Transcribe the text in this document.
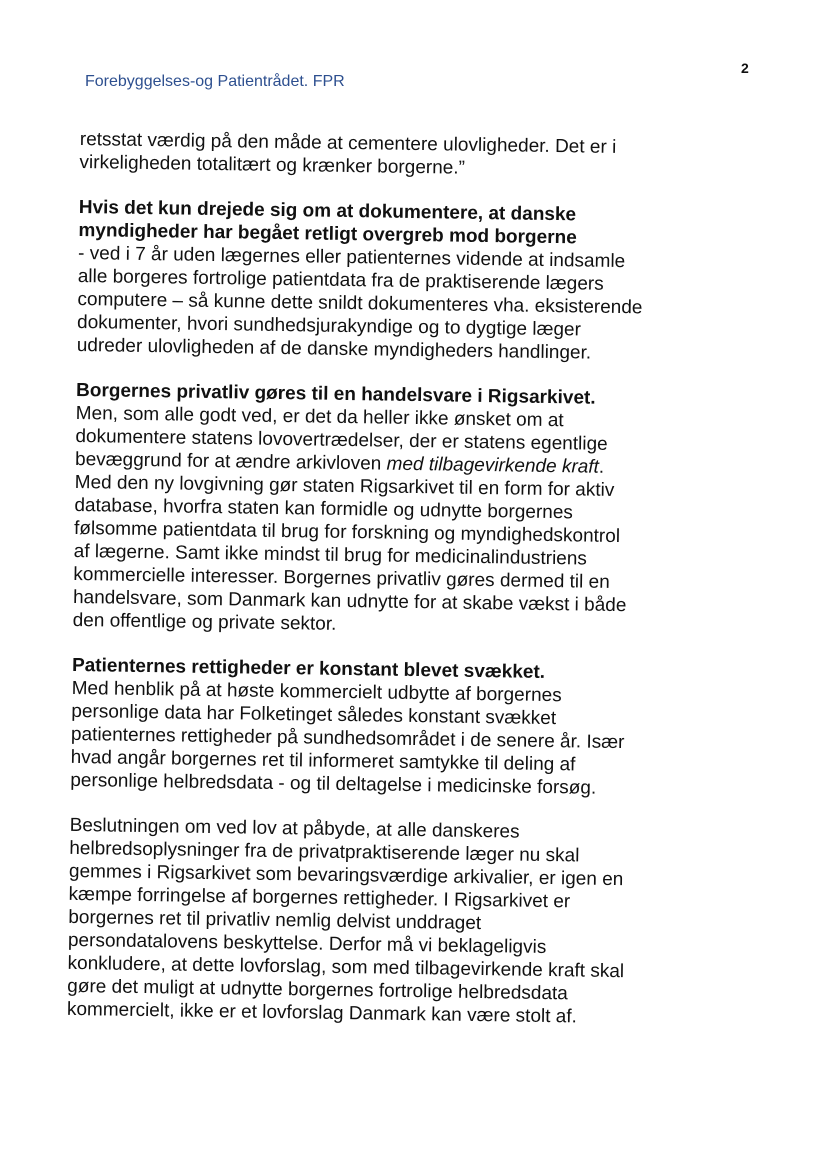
2
Forebyggelses-og Patientrådet. FPR

retsstat værdig på den måde at cementere ulovligheder. Det er i
virkeligheden totalitært og krænker borgerne.”

Hvis det kun drejede sig om at dokumentere, at danske
myndigheder har begået retligt overgreb mod borgerne
- ved i 7 år uden lægernes eller patienternes vidende at indsamle
alle borgeres fortrolige patientdata fra de praktiserende lægers
computere – så kunne dette snildt dokumenteres vha. eksisterende
dokumenter, hvori sundhedsjurakyndige og to dygtige læger
udreder ulovligheden af de danske myndigheders handlinger.

Borgernes privatliv gøres til en handelsvare i Rigsarkivet.
Men, som alle godt ved, er det da heller ikke ønsket om at
dokumentere statens lovovertrædelser, der er statens egentlige
bevæggrund for at ændre arkivloven med tilbagevirkende kraft.
Med den ny lovgivning gør staten Rigsarkivet til en form for aktiv
database, hvorfra staten kan formidle og udnytte borgernes
følsomme patientdata til brug for forskning og myndighedskontrol
af lægerne. Samt ikke mindst til brug for medicinalindustriens
kommercielle interesser. Borgernes privatliv gøres dermed til en
handelsvare, som Danmark kan udnytte for at skabe vækst i både
den offentlige og private sektor.

Patienternes rettigheder er konstant blevet svækket.
Med henblik på at høste kommercielt udbytte af borgernes
personlige data har Folketinget således konstant svækket
patienternes rettigheder på sundhedsområdet i de senere år. Især
hvad angår borgernes ret til informeret samtykke til deling af
personlige helbredsdata - og til deltagelse i medicinske forsøg.

Beslutningen om ved lov at påbyde, at alle danskeres
helbredsoplysninger fra de privatpraktiserende læger nu skal
gemmes i Rigsarkivet som bevaringsværdige arkivalier, er igen en
kæmpe forringelse af borgernes rettigheder. I Rigsarkivet er
borgernes ret til privatliv nemlig delvist unddraget
persondatalovens beskyttelse. Derfor må vi beklageligvis
konkludere, at dette lovforslag, som med tilbagevirkende kraft skal
gøre det muligt at udnytte borgernes fortrolige helbredsdata
kommercielt, ikke er et lovforslag Danmark kan være stolt af.
